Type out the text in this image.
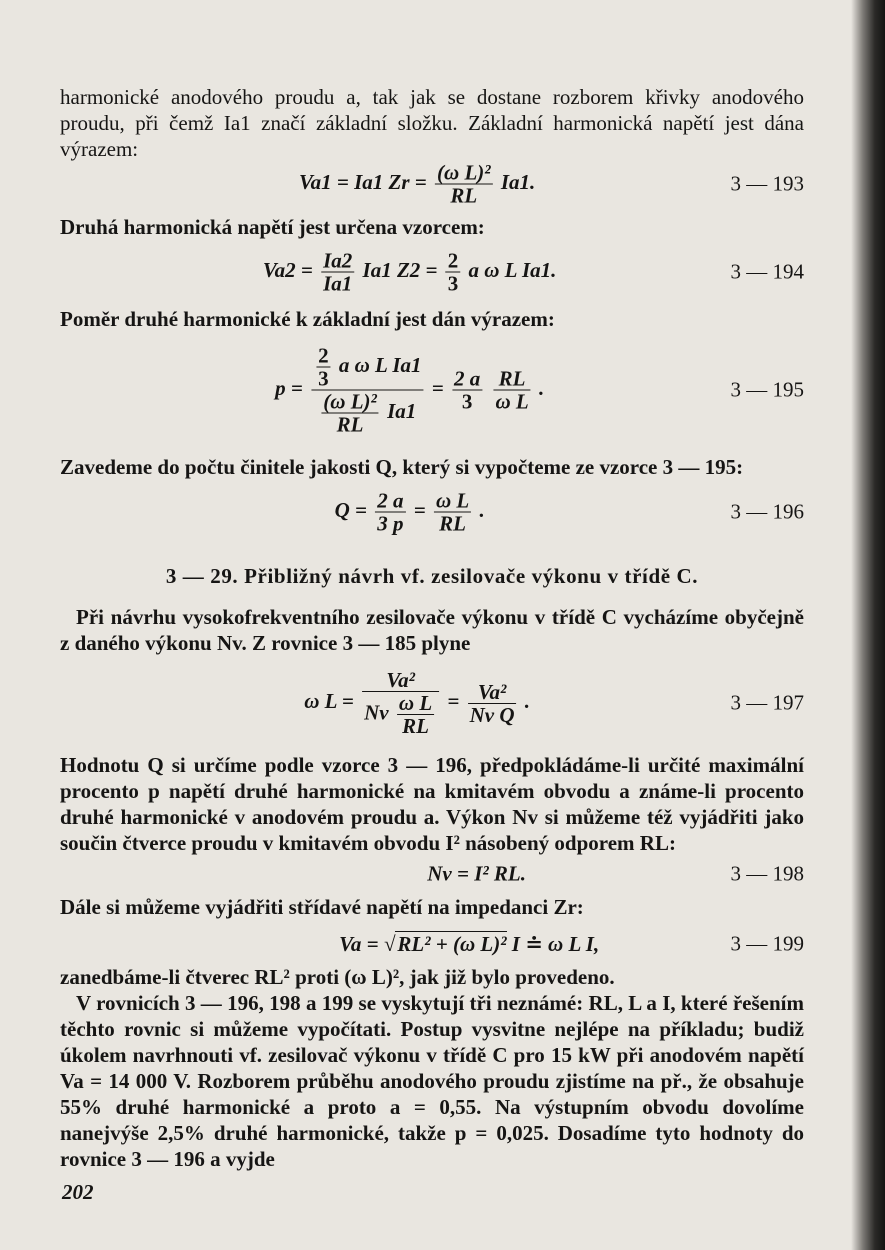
harmonické anodového proudu a, tak jak se dostane rozborem křivky anodového proudu, při čemž Ia1 značí základní složku. Základní harmonická napětí jest dána výrazem:

Va1 = Ia1 $Zr = \frac{\text{(ω L)²}}{RL} Ia1$.	3 — 193

Druhá harmonická napětí jest určena vzorcem:

$Va2 = \frac{Ia2}{Ia1} Ia1$ $Z2 = \frac{2}{3}$ a ω L Ia1.	3 — 194

Poměr druhé harmonické k základní jest dán výrazem:

$p = \frac{\frac{2}{3} a \omega L Ia1}{\frac{\text{(ω L)²}}{RL} Ia1} = \frac{2 a}{3}$
$\frac{RL}{\text{ω L}}$ .	3 — 195

Zavedeme do počtu činitele jakosti Q, který si vypočteme ze vzorce 3 — 195:

$Q = \frac{2 a}{3 p} = \frac{\text{ω L}}{RL}$ .	3 — 196
3 — 29. Přibližný návrh vf. zesilovače výkonu v třídě C.

Při návrhu vysokofrekventního zesilovače výkonu v třídě C vycházíme obyčejně z daného výkonu Nv. Z rovnice 3 — 185 plyne

ω $L = \frac{\text{Va²}}{Nv \frac{\text{ω L}}{RL}} = \frac{\text{Va²}}{\text{Nv Q}}$ .	3 — 197

Hodnotu Q si určíme podle vzorce 3 — 196, předpokládáme-li určité maximální procento p napětí druhé harmonické na kmitavém obvodu a známe-li procento druhé harmonické v anodovém proudu a. Výkon Nv si můžeme též vyjádřiti jako součin čtverce proudu v kmitavém obvodu I² násobený odporem RL:

Nv = I² RL.	3 — 198

Dále si můžeme vyjádřiti střídavé napětí na impedanci Zr:

Va = √RL² + (ω L)² I ≐ ω L I,	3 — 199

zanedbáme-li čtverec RL² proti (ω L)², jak již bylo provedeno.

V rovnicích 3 — 196, 198 a 199 se vyskytují tři neznámé: RL, L a I, které řešením těchto rovnic si můžeme vypočítati. Postup vysvitne nejlépe na příkladu; budiž úkolem navrhnouti vf. zesilovač výkonu v třídě C pro 15 kW při anodovém napětí Va = 14 000 V. Rozborem průběhu anodového proudu zjistíme na př., že obsahuje 55% druhé harmonické a proto a = 0,55. Na výstupním obvodu dovolíme nanejvýše 2,5% druhé harmonické, takže p = 0,025. Dosadíme tyto hodnoty do rovnice 3 — 196 a vyjde

202
